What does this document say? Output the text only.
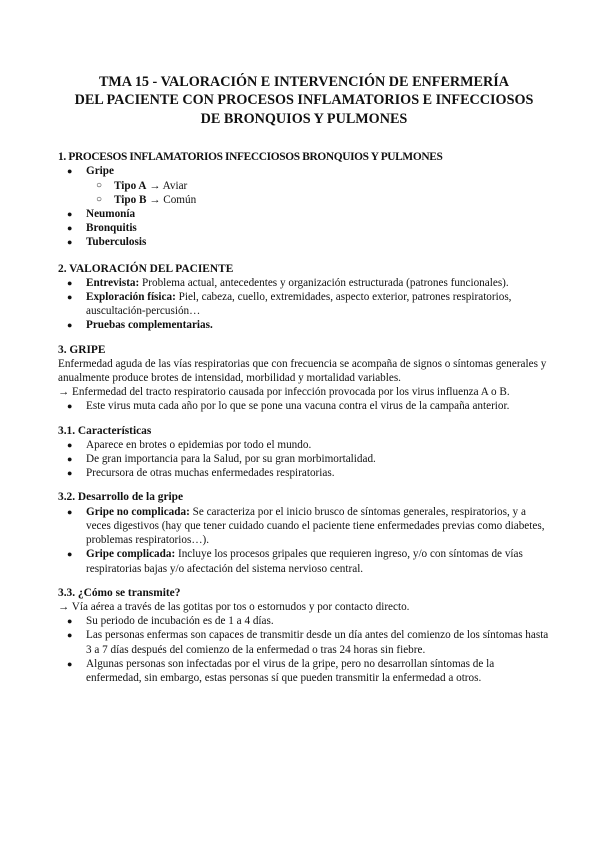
TMA 15 - VALORACIÓN E INTERVENCIÓN DE ENFERMERÍA
DEL PACIENTE CON PROCESOS INFLAMATORIOS E INFECCIOSOS
DE BRONQUIOS Y PULMONES
1. PROCESOS INFLAMATORIOS INFECCIOSOS BRONQUIOS Y PULMONES
● Gripe
○ Tipo A → Aviar
○ Tipo B → Común
● Neumonía
● Bronquitis
● Tuberculosis
2. VALORACIÓN DEL PACIENTE
● Entrevista: Problema actual, antecedentes y organización estructurada (patrones funcionales).
● Exploración física: Piel, cabeza, cuello, extremidades, aspecto exterior, patrones respiratorios, auscultación-percusión…
● Pruebas complementarias.
3. GRIPE

Enfermedad aguda de las vías respiratorias que con frecuencia se acompaña de signos o síntomas generales y anualmente produce brotes de intensidad, morbilidad y mortalidad variables.

→ Enfermedad del tracto respiratorio causada por infección provocada por los virus influenza A o B.

● Este virus muta cada año por lo que se pone una vacuna contra el virus de la campaña anterior.
3.1. Características
● Aparece en brotes o epidemias por todo el mundo.
● De gran importancia para la Salud, por su gran morbimortalidad.
● Precursora de otras muchas enfermedades respiratorias.
3.2. Desarrollo de la gripe
● Gripe no complicada: Se caracteriza por el inicio brusco de síntomas generales, respiratorios, y a veces digestivos (hay que tener cuidado cuando el paciente tiene enfermedades previas como diabetes, problemas respiratorios…).
● Gripe complicada: Incluye los procesos gripales que requieren ingreso, y/o con síntomas de vías respiratorias bajas y/o afectación del sistema nervioso central.
3.3. ¿Cómo se transmite?

→ Vía aérea a través de las gotitas por tos o estornudos y por contacto directo.

● Su periodo de incubación es de 1 a 4 días.
● Las personas enfermas son capaces de transmitir desde un día antes del comienzo de los síntomas hasta 3 a 7 días después del comienzo de la enfermedad o tras 24 horas sin fiebre.
● Algunas personas son infectadas por el virus de la gripe, pero no desarrollan síntomas de la enfermedad, sin embargo, estas personas sí que pueden transmitir la enfermedad a otros.
